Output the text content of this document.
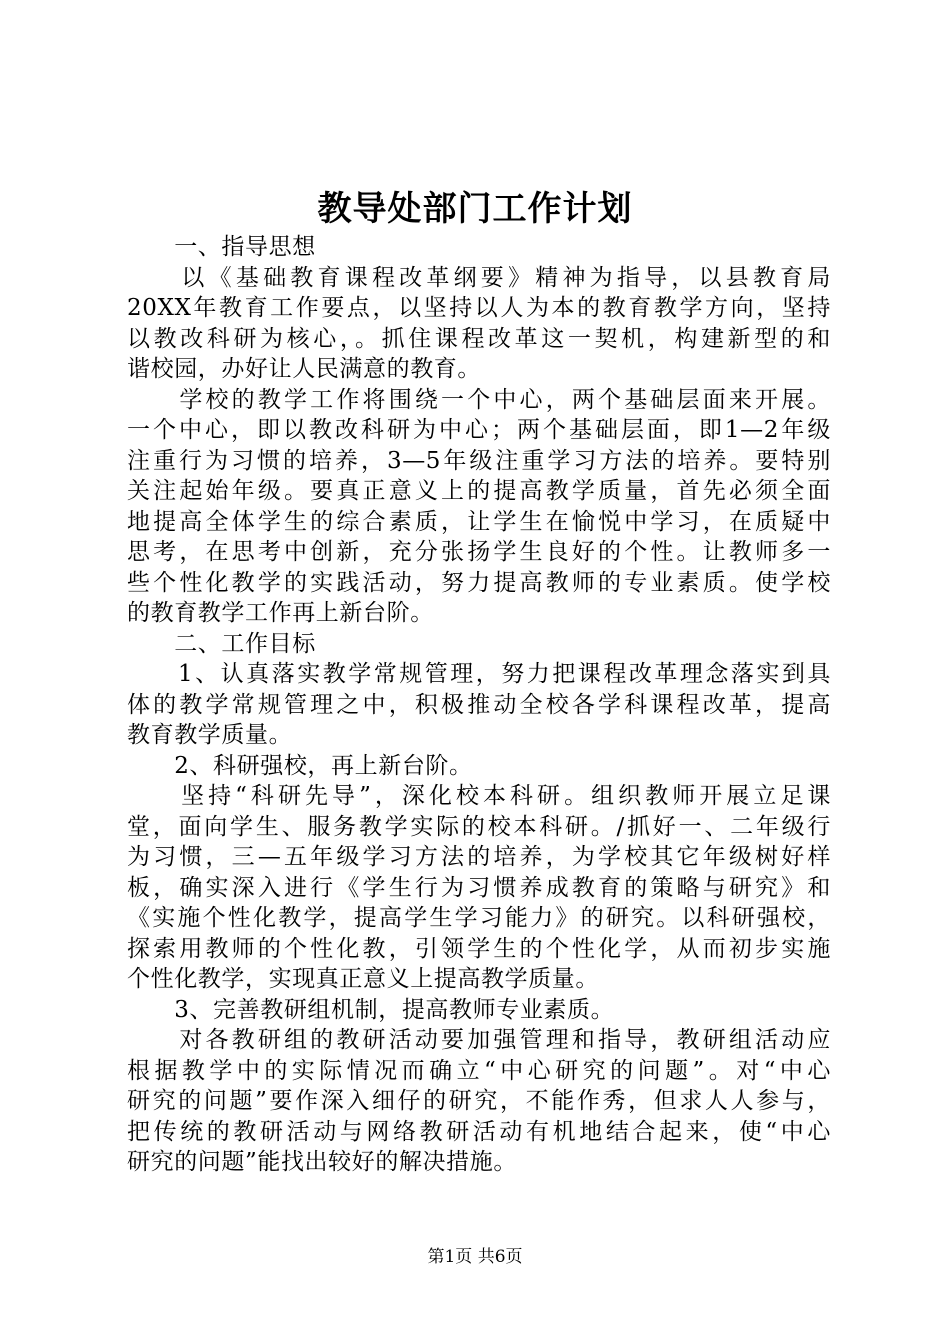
教导处部门工作计划
　　一、指导思想
　　以《基础教育课程改革纲要》精神为指导，以县教育局
20XX年教育工作要点，以坚持以人为本的教育教学方向，坚持
以教改科研为核心，。抓住课程改革这一契机，构建新型的和
谐校园，办好让人民满意的教育。
　　学校的教学工作将围绕一个中心，两个基础层面来开展。
一个中心，即以教改科研为中心；两个基础层面，即1—2年级
注重行为习惯的培养，3—5年级注重学习方法的培养。要特别
关注起始年级。要真正意义上的提高教学质量，首先必须全面
地提高全体学生的综合素质，让学生在愉悦中学习，在质疑中
思考，在思考中创新，充分张扬学生良好的个性。让教师多一
些个性化教学的实践活动，努力提高教师的专业素质。使学校
的教育教学工作再上新台阶。
　　二、工作目标
　　1、认真落实教学常规管理，努力把课程改革理念落实到具
体的教学常规管理之中，积极推动全校各学科课程改革，提高
教育教学质量。
　　2、科研强校，再上新台阶。
　　坚持“科研先导”，深化校本科研。组织教师开展立足课
堂，面向学生、服务教学实际的校本科研。/抓好一、二年级行
为习惯，三—五年级学习方法的培养，为学校其它年级树好样
板，确实深入进行《学生行为习惯养成教育的策略与研究》和
《实施个性化教学，提高学生学习能力》的研究。以科研强校，
探索用教师的个性化教，引领学生的个性化学，从而初步实施
个性化教学，实现真正意义上提高教学质量。
　　3、完善教研组机制，提高教师专业素质。
　　对各教研组的教研活动要加强管理和指导，教研组活动应
根据教学中的实际情况而确立“中心研究的问题”。对“中心
研究的问题”要作深入细仔的研究，不能作秀，但求人人参与，
把传统的教研活动与网络教研活动有机地结合起来，使“中心
研究的问题”能找出较好的解决措施。
第1页 共6页
